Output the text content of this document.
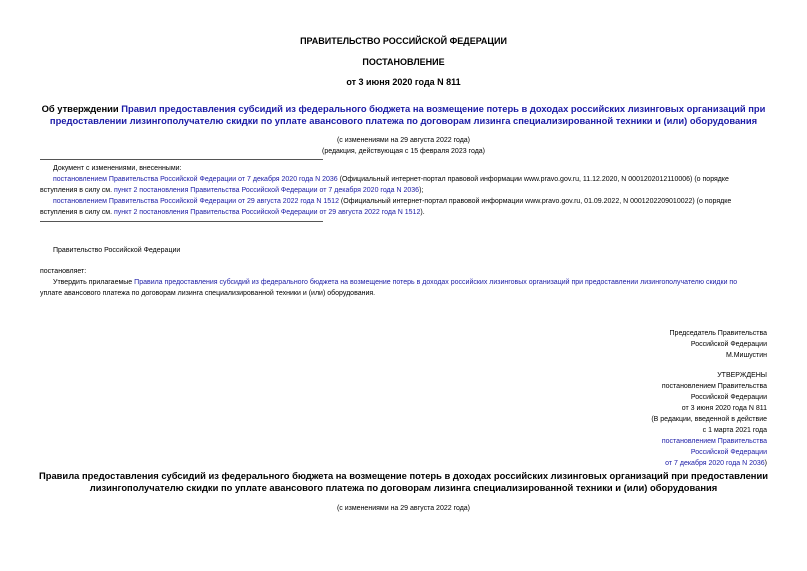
ПРАВИТЕЛЬСТВО РОССИЙСКОЙ ФЕДЕРАЦИИ
ПОСТАНОВЛЕНИЕ
от 3 июня 2020 года N 811
Об утверждении Правил предоставления субсидий из федерального бюджета на возмещение потерь в доходах российских лизинговых организаций при
предоставлении лизингополучателю скидки по уплате авансового платежа по договорам лизинга специализированной техники и (или) оборудования
(с изменениями на 29 августа 2022 года)
(редакция, действующая с 15 февраля 2023 года)
Документ с изменениями, внесенными:
постановлением Правительства Российской Федерации от 7 декабря 2020 года N 2036 (Официальный интернет-портал правовой информации www.pravo.gov.ru, 11.12.2020, N 0001202012110006) (о порядке
вступления в силу см. пункт 2 постановления Правительства Российской Федерации от 7 декабря 2020 года N 2036);
постановлением Правительства Российской Федерации от 29 августа 2022 года N 1512 (Официальный интернет-портал правовой информации www.pravo.gov.ru, 01.09.2022, N 0001202209010022) (о порядке
вступления в силу см. пункт 2 постановления Правительства Российской Федерации от 29 августа 2022 года N 1512).
Правительство Российской Федерации
постановляет:
Утвердить прилагаемые Правила предоставления субсидий из федерального бюджета на возмещение потерь в доходах российских лизинговых организаций при предоставлении лизингополучателю скидки по
уплате авансового платежа по договорам лизинга специализированной техники и (или) оборудования.
Председатель Правительства
Российской Федерации
М.Мишустин
УТВЕРЖДЕНЫ
постановлением Правительства
Российской Федерации
от 3 июня 2020 года N 811
(В редакции, введенной в действие
с 1 марта 2021 года
постановлением Правительства
Российской Федерации
от 7 декабря 2020 года N 2036)
Правила предоставления субсидий из федерального бюджета на возмещение потерь в доходах российских лизинговых организаций при предоставлении
лизингополучателю скидки по уплате авансового платежа по договорам лизинга специализированной техники и (или) оборудования
(с изменениями на 29 августа 2022 года)
